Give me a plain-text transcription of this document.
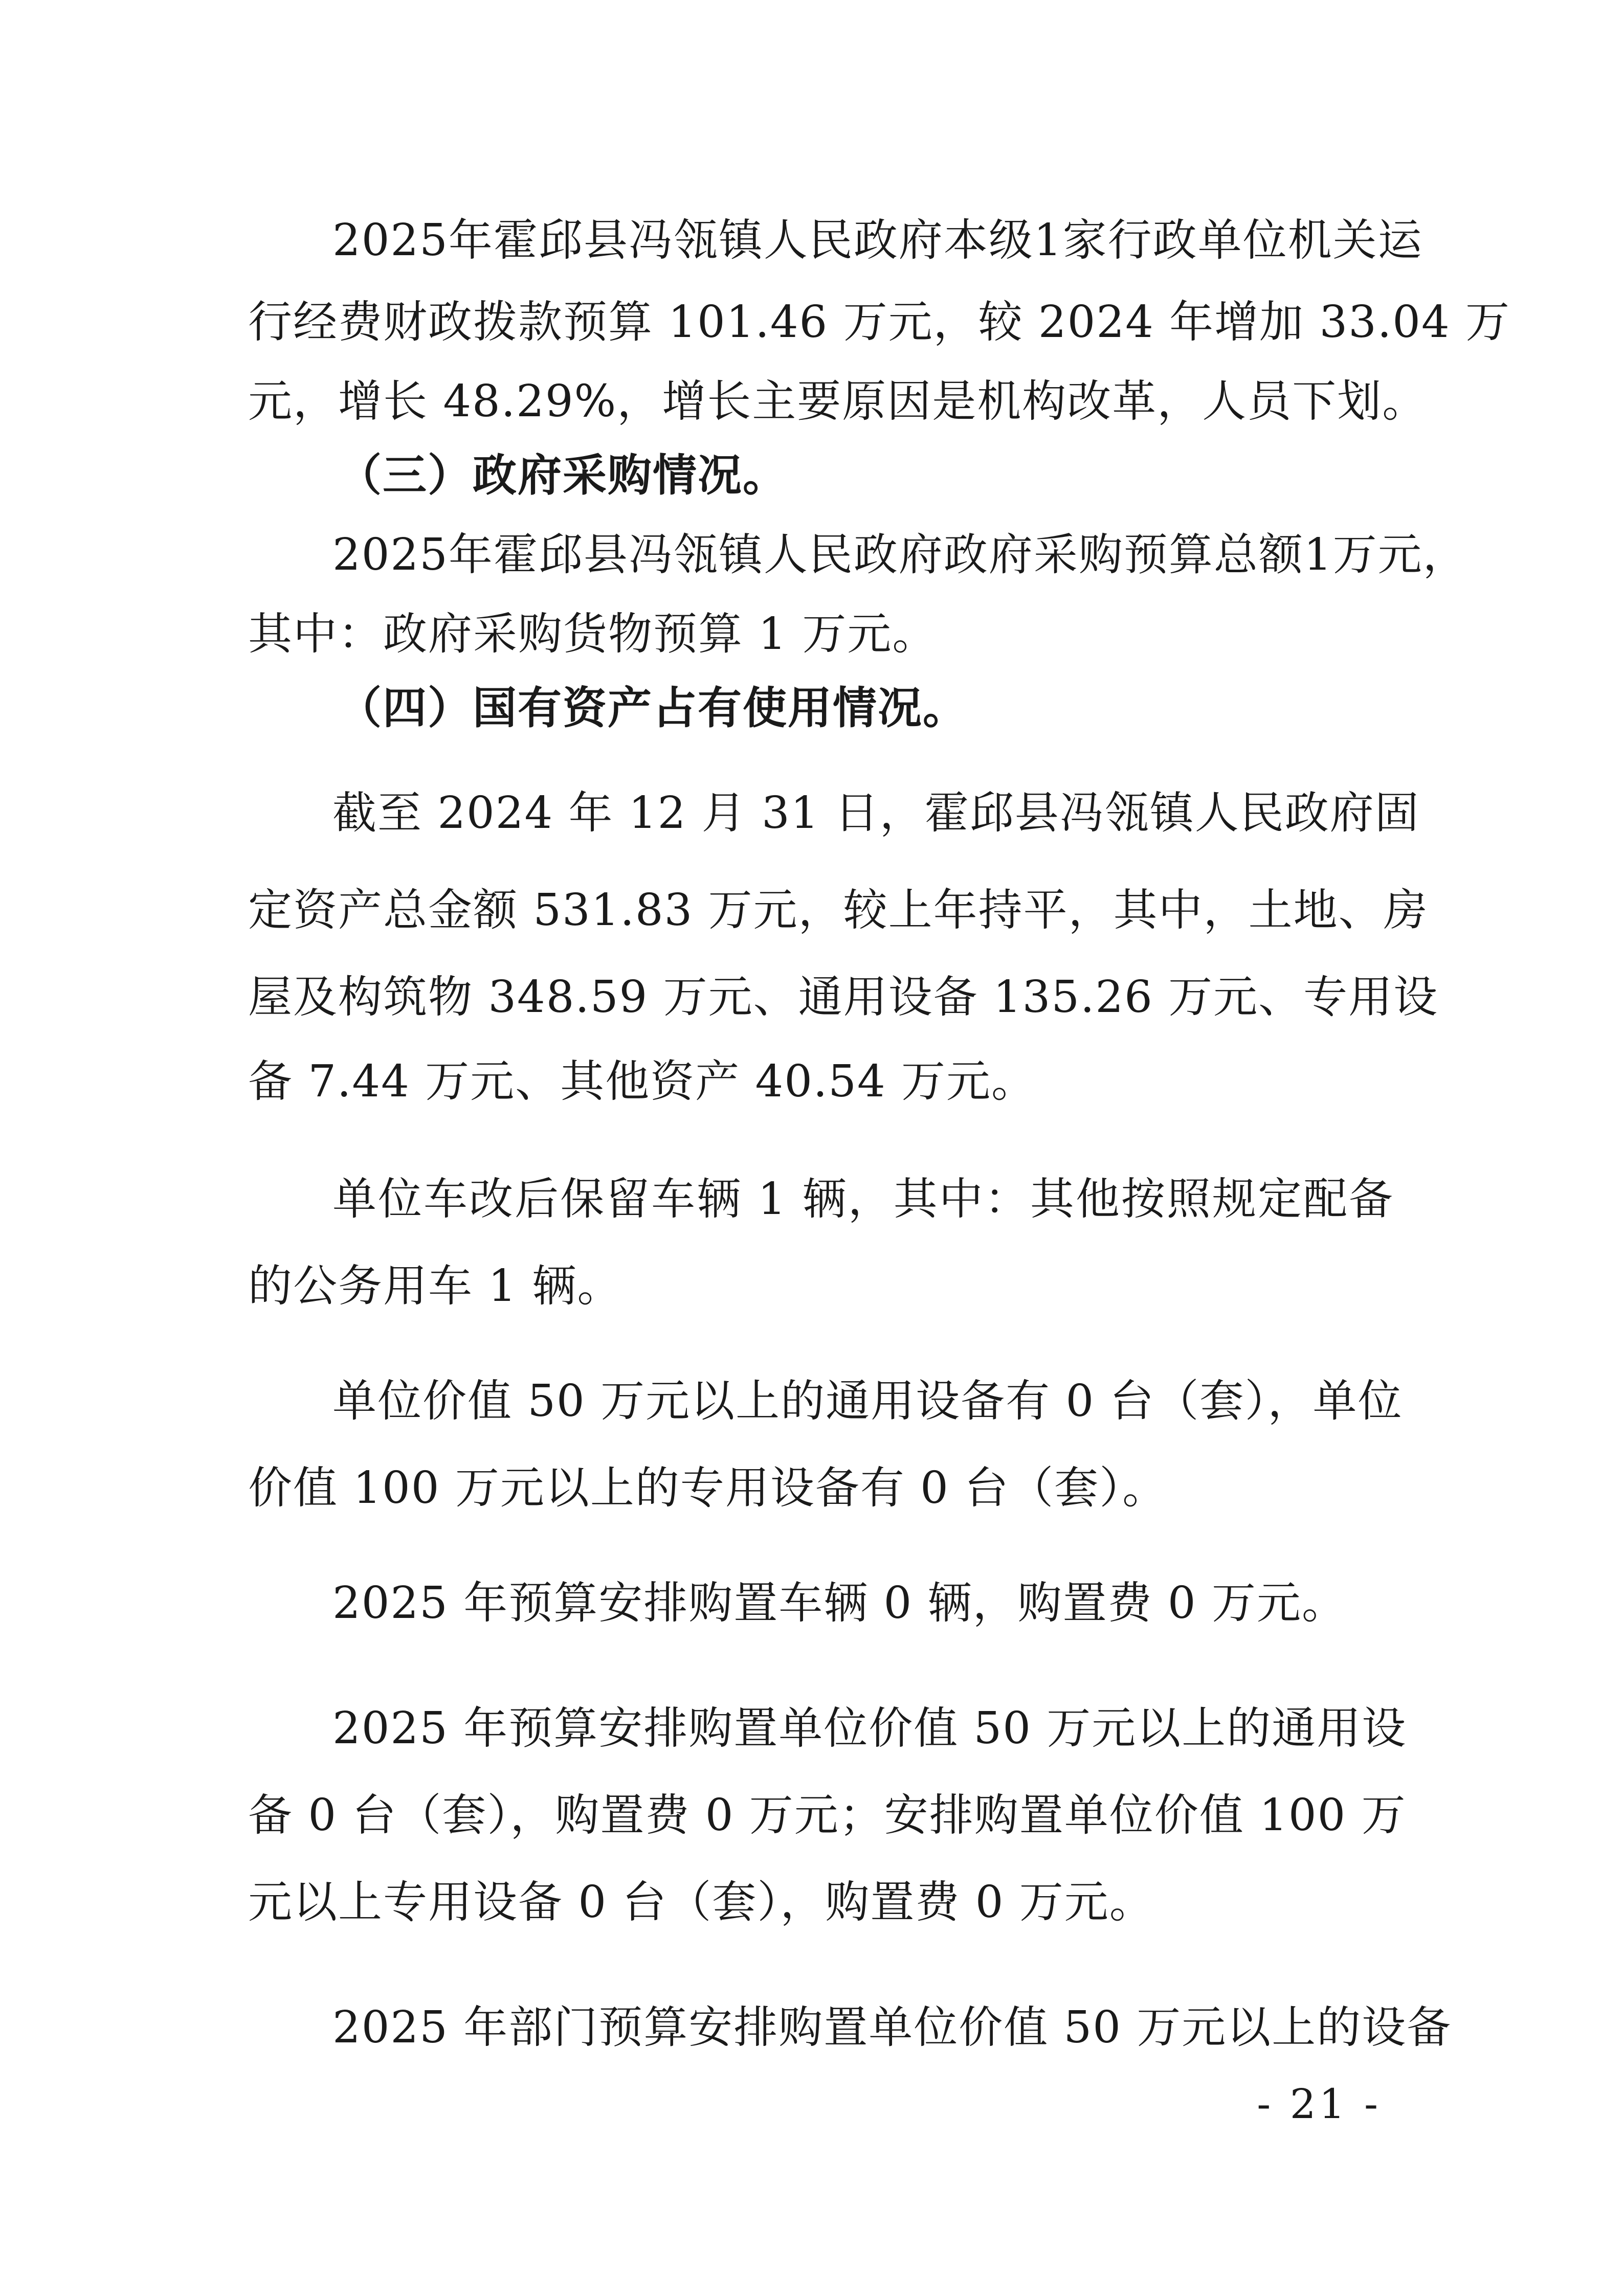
2025年霍邱县冯瓴镇人民政府本级1家行政单位机关运
行经费财政拨款预算 101.46 万元，较 2024 年增加 33.04 万
元，增长 48.29%，增长主要原因是机构改革，人员下划。
（三）政府采购情况。
2025年霍邱县冯瓴镇人民政府政府采购预算总额1万元，
其中：政府采购货物预算 1 万元。
（四）国有资产占有使用情况。
截至 2024 年 12 月 31 日，霍邱县冯瓴镇人民政府固
定资产总金额 531.83 万元，较上年持平，其中，土地、房
屋及构筑物 348.59 万元、通用设备 135.26 万元、专用设
备 7.44 万元、其他资产 40.54 万元。
单位车改后保留车辆 1 辆，其中：其他按照规定配备
的公务用车 1 辆。
单位价值 50 万元以上的通用设备有 0 台（套），单位
价值 100 万元以上的专用设备有 0 台（套）。
2025 年预算安排购置车辆 0 辆，购置费 0 万元。
2025 年预算安排购置单位价值 50 万元以上的通用设
备 0 台（套），购置费 0 万元；安排购置单位价值 100 万
元以上专用设备 0 台（套），购置费 0 万元。
2025 年部门预算安排购置单位价值 50 万元以上的设备
- 21 -
